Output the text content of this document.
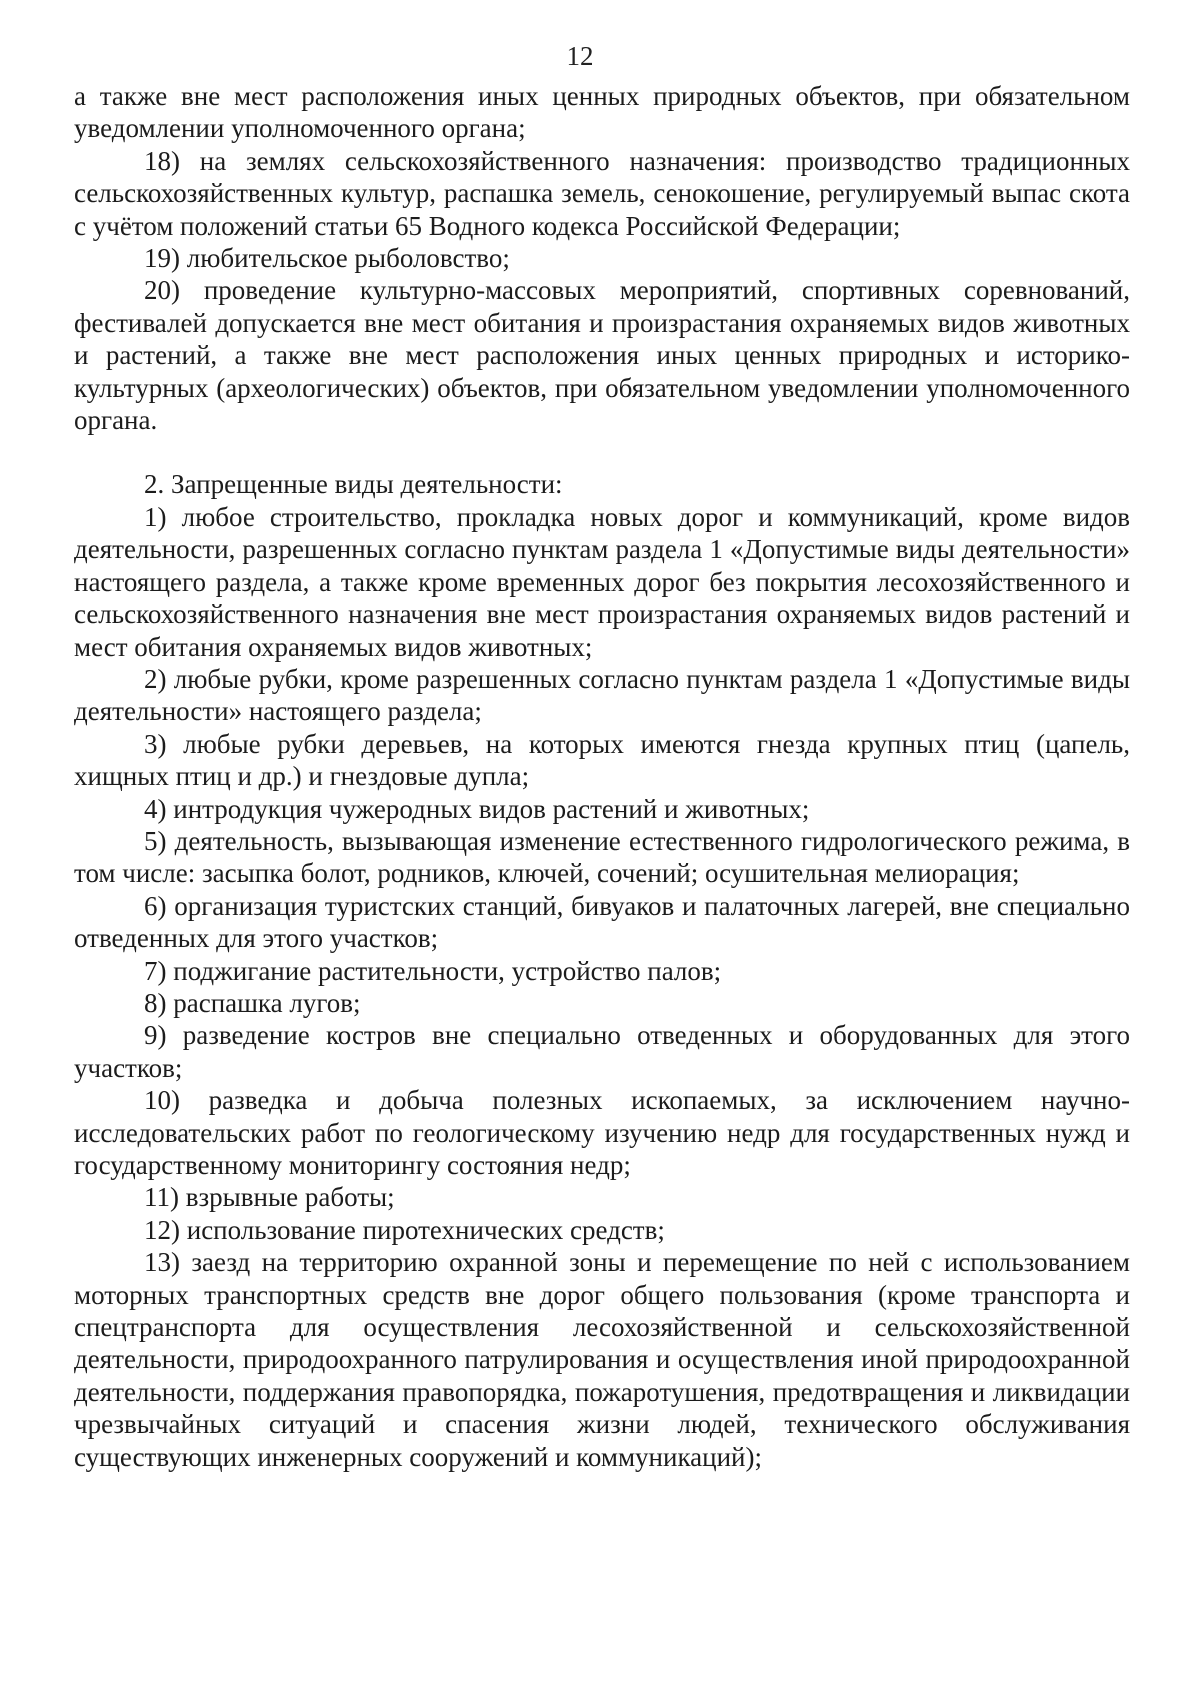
12

а также вне мест расположения иных ценных природных объектов, при обязательном уведомлении уполномоченного органа;

18) на землях сельскохозяйственного назначения: производство традиционных сельскохозяйственных культур, распашка земель, сенокошение, регулируемый выпас скота с учётом положений статьи 65 Водного кодекса Российской Федерации;

19) любительское рыболовство;

20) проведение культурно-массовых мероприятий, спортивных соревнований, фестивалей допускается вне мест обитания и произрастания охраняемых видов животных и растений, а также вне мест расположения иных ценных природных и историко-культурных (археологических) объектов, при обязательном уведомлении уполномоченного органа.

2. Запрещенные виды деятельности:

1) любое строительство, прокладка новых дорог и коммуникаций, кроме видов деятельности, разрешенных согласно пунктам раздела 1 «Допустимые виды деятельности» настоящего раздела, а также кроме временных дорог без покрытия лесохозяйственного и сельскохозяйственного назначения вне мест произрастания охраняемых видов растений и мест обитания охраняемых видов животных;

2) любые рубки, кроме разрешенных согласно пунктам раздела 1 «Допустимые виды деятельности» настоящего раздела;

3) любые рубки деревьев, на которых имеются гнезда крупных птиц (цапель, хищных птиц и др.) и гнездовые дупла;

4) интродукция чужеродных видов растений и животных;

5) деятельность, вызывающая изменение естественного гидрологического режима, в том числе: засыпка болот, родников, ключей, сочений; осушительная мелиорация;

6) организация туристских станций, бивуаков и палаточных лагерей, вне специально отведенных для этого участков;

7) поджигание растительности, устройство палов;

8) распашка лугов;

9) разведение костров вне специально отведенных и оборудованных для этого участков;

10) разведка и добыча полезных ископаемых, за исключением научно-исследовательских работ по геологическому изучению недр для государственных нужд и государственному мониторингу состояния недр;

11) взрывные работы;

12) использование пиротехнических средств;

13) заезд на территорию охранной зоны и перемещение по ней с использованием моторных транспортных средств вне дорог общего пользования (кроме транспорта и спецтранспорта для осуществления лесохозяйственной и сельскохозяйственной деятельности, природоохранного патрулирования и осуществления иной природоохранной деятельности, поддержания правопорядка, пожаротушения, предотвращения и ликвидации чрезвычайных ситуаций и спасения жизни людей, технического обслуживания существующих инженерных сооружений и коммуникаций);
